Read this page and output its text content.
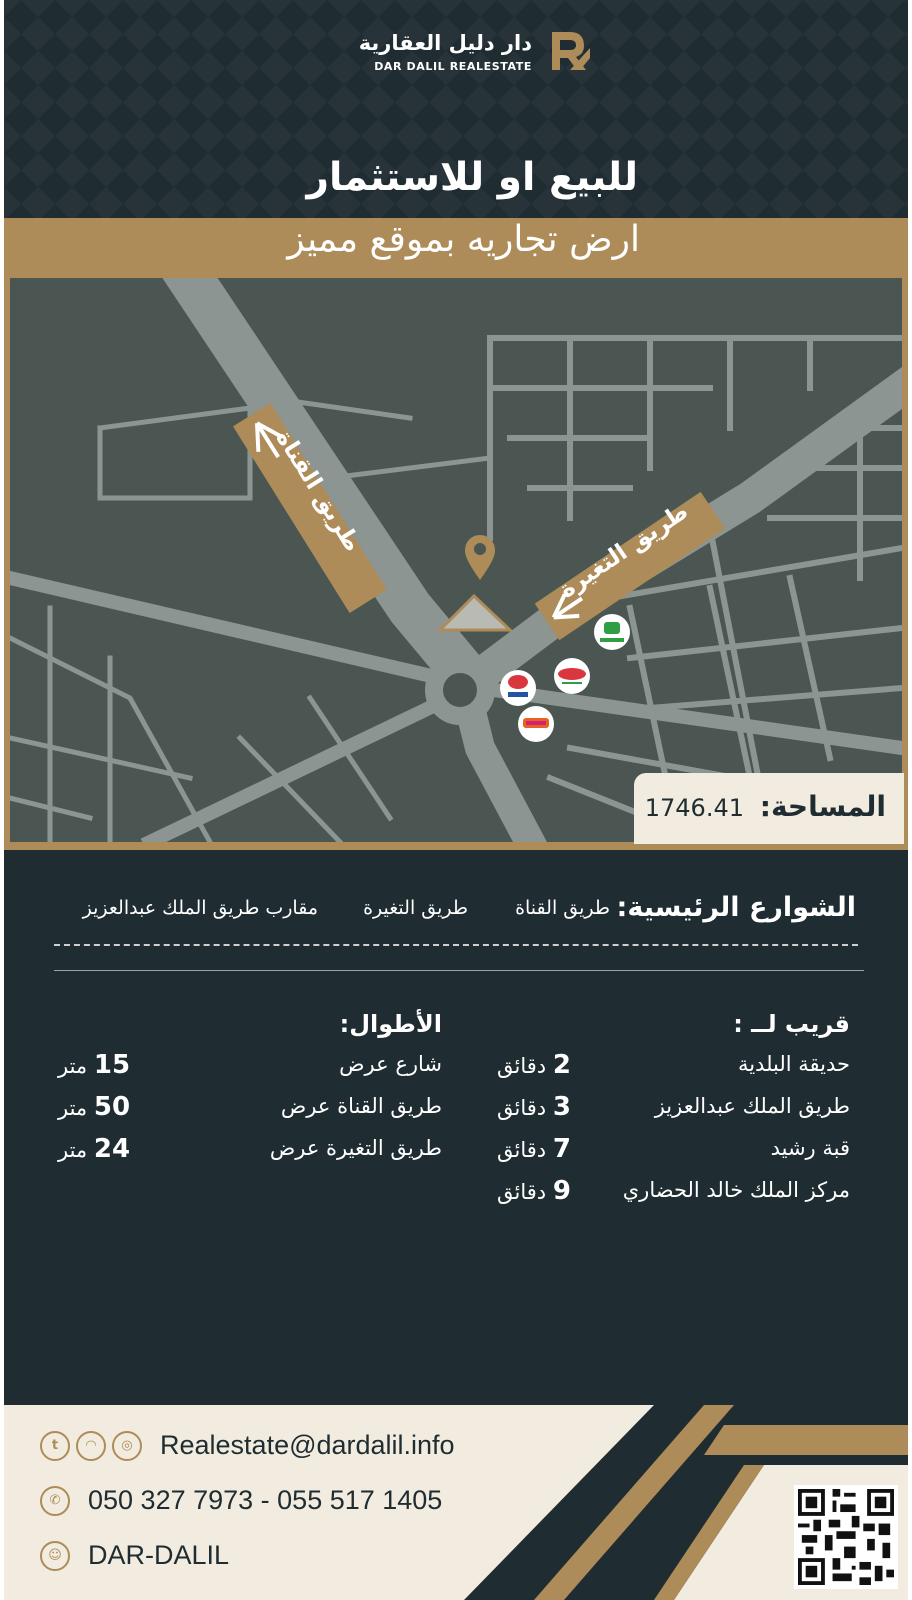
دار دليل العقارية
DAR DALIL REALESTATE
للبيع او للاستثمار
ارض تجاريه بموقع مميز
طريق القناة	طريق التغيرة
المساحة:
1746.41
الشوارع الرئيسية:
طريق القناة
طريق التغيرة
مقارب طريق الملك عبدالعزيز
قريب لــ :
حديقة البلدية
2 دقائق
طريق الملك عبدالعزيز
3 دقائق
قبة رشيد
7 دقائق
مركز الملك خالد الحضاري
9 دقائق
الأطوال:
شارع عرض
15 متر
طريق القناة عرض
50 متر
طريق التغيرة عرض
24 متر
t	◠	◎	Realestate@dardalil.info
✆	050 327 7973 - 055 517 1405
☺ DAR-DALIL
